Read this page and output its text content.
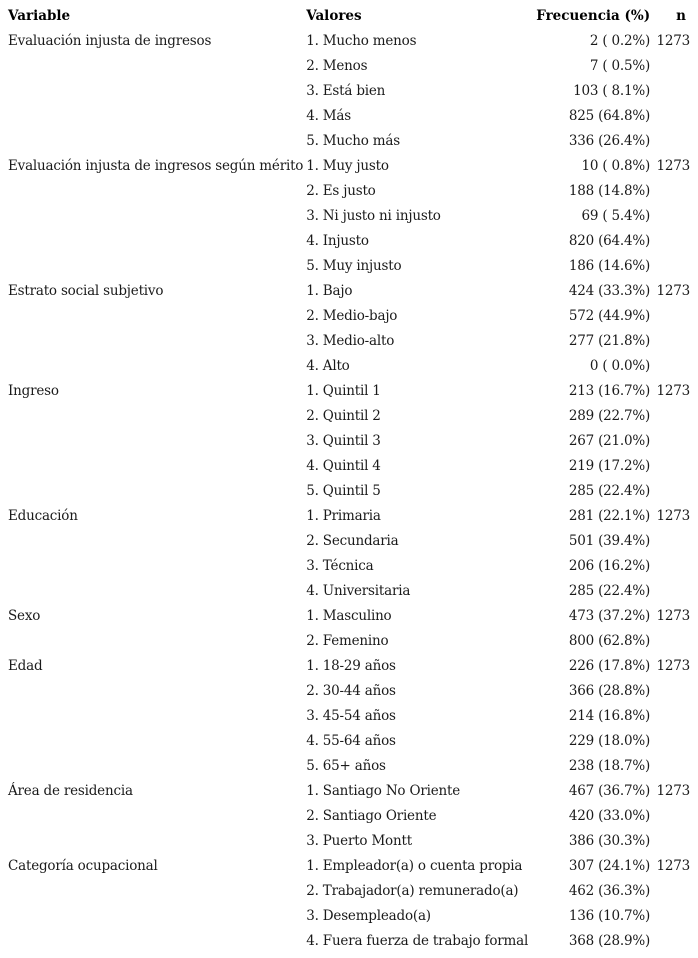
Variable	Valores	Frecuencia (%)	n
Evaluación injusta de ingresos	1. Mucho menos	2 ( 0.2%)	1273
	2. Menos	7 ( 0.5%)	
	3. Está bien	103 ( 8.1%)	
	4. Más	825 (64.8%)	
	5. Mucho más	336 (26.4%)	
Evaluación injusta de ingresos según mérito	1. Muy justo	10 ( 0.8%)	1273
	2. Es justo	188 (14.8%)	
	3. Ni justo ni injusto	69 ( 5.4%)	
	4. Injusto	820 (64.4%)	
	5. Muy injusto	186 (14.6%)	
Estrato social subjetivo	1. Bajo	424 (33.3%)	1273
	2. Medio-bajo	572 (44.9%)	
	3. Medio-alto	277 (21.8%)	
	4. Alto	0 ( 0.0%)	
Ingreso	1. Quintil 1	213 (16.7%)	1273
	2. Quintil 2	289 (22.7%)	
	3. Quintil 3	267 (21.0%)	
	4. Quintil 4	219 (17.2%)	
	5. Quintil 5	285 (22.4%)	
Educación	1. Primaria	281 (22.1%)	1273
	2. Secundaria	501 (39.4%)	
	3. Técnica	206 (16.2%)	
	4. Universitaria	285 (22.4%)	
Sexo	1. Masculino	473 (37.2%)	1273
	2. Femenino	800 (62.8%)	
Edad	1. 18-29 años	226 (17.8%)	1273
	2. 30-44 años	366 (28.8%)	
	3. 45-54 años	214 (16.8%)	
	4. 55-64 años	229 (18.0%)	
	5. 65+ años	238 (18.7%)	
Área de residencia	1. Santiago No Oriente	467 (36.7%)	1273
	2. Santiago Oriente	420 (33.0%)	
	3. Puerto Montt	386 (30.3%)	
Categoría ocupacional	1. Empleador(a) o cuenta propia	307 (24.1%)	1273
	2. Trabajador(a) remunerado(a)	462 (36.3%)	
	3. Desempleado(a)	136 (10.7%)	
	4. Fuera fuerza de trabajo formal	368 (28.9%)	
